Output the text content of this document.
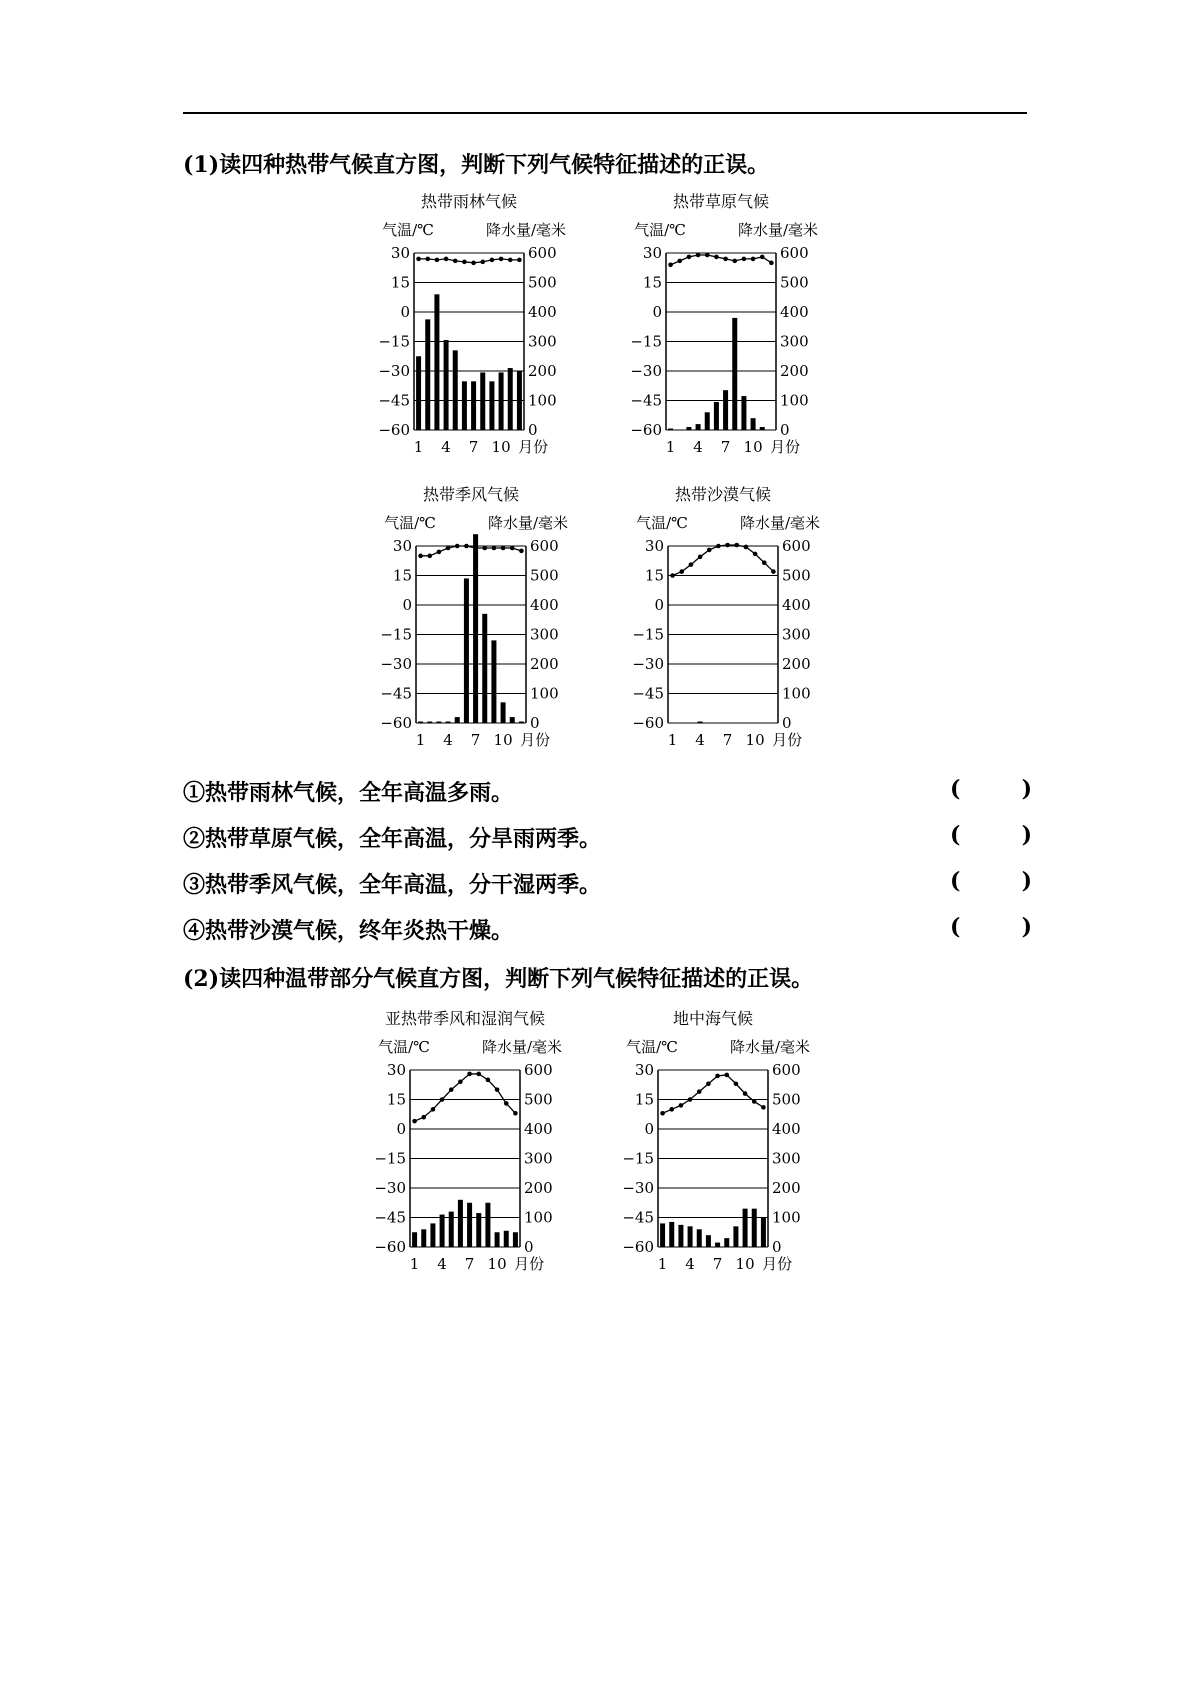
(1)读四种热带气候直方图，判断下列气候特征描述的正误。
热带雨林气候
气温/℃	降水量/毫米
30	600
15	500
0	400
−15	300
−30	200
−45	100
−60	0
1 4 7 10 月份
热带草原气候
气温/℃	降水量/毫米
30	600
15	500
0	400
−15	300
−30	200
−45	100
−60	0
1 4 7 10 月份
热带季风气候
气温/℃	降水量/毫米
30	600
15	500
0	400
−15	300
−30	200
−45	100
−60	0
1 4 7 10 月份
热带沙漠气候
气温/℃	降水量/毫米
30	600
15	500
0	400
−15	300
−30	200
−45	100
−60	0
1 4 7 10 月份
①热带雨林气候，全年高温多雨。	(        )
②热带草原气候，全年高温，分旱雨两季。	(        )
③热带季风气候，全年高温，分干湿两季。	(        )
④热带沙漠气候，终年炎热干燥。	(        )
(2)读四种温带部分气候直方图，判断下列气候特征描述的正误。
亚热带季风和湿润气候
气温/℃	降水量/毫米
30	600
15	500
0	400
−15	300
−30	200
−45	100
−60	0
1 4 7 10 月份
地中海气候
气温/℃	降水量/毫米
30	600
15	500
0	400
−15	300
−30	200
−45	100
−60	0
1 4 7 10 月份
